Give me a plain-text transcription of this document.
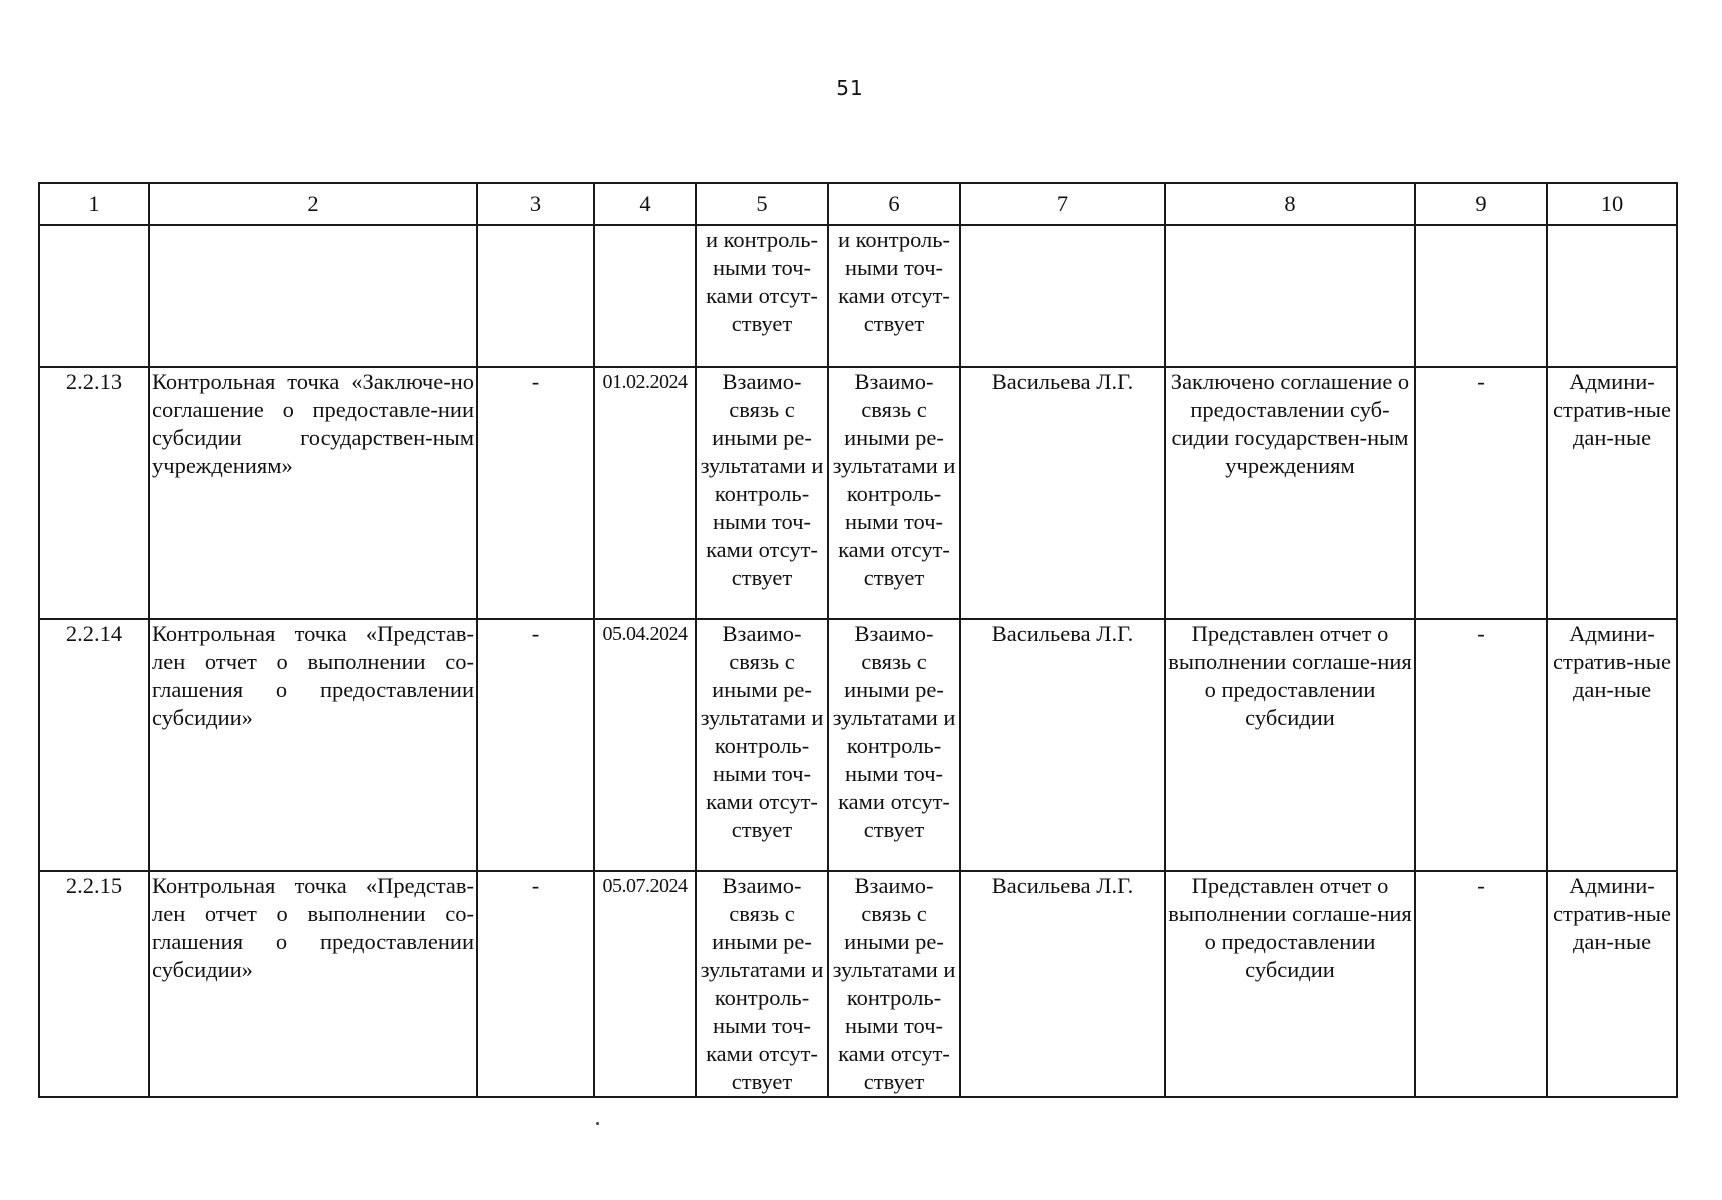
51
1	2	3	4	5	6	7	8	9	10
				и контроль-ными точ-ками отсут-ствует	и контроль-ными точ-ками отсут-ствует				
2.2.13	Контрольная точка «Заключе-но соглашение о предоставле-нии субсидии государствен-ным учреждениям»	-	01.02.2024	Взаимо-связь с иными ре-зультатами и контроль-ными точ-ками отсут-ствует	Взаимо-связь с иными ре-зультатами и контроль-ными точ-ками отсут-ствует	Васильева Л.Г.	Заключено соглашение о предоставлении суб-сидии государствен-ным учреждениям	-	Админи-стратив-ные дан-ные
2.2.14	Контрольная точка «Представ-лен отчет о выполнении со-глашения о предоставлении субсидии»	-	05.04.2024	Взаимо-связь с иными ре-зультатами и контроль-ными точ-ками отсут-ствует	Взаимо-связь с иными ре-зультатами и контроль-ными точ-ками отсут-ствует	Васильева Л.Г.	Представлен отчет о выполнении соглаше-ния о предоставлении субсидии	-	Админи-стратив-ные дан-ные
2.2.15	Контрольная точка «Представ-лен отчет о выполнении со-глашения о предоставлении субсидии»	-	05.07.2024	Взаимо-связь с иными ре-зультатами и контроль-ными точ-ками отсут-ствует	Взаимо-связь с иными ре-зультатами и контроль-ными точ-ками отсут-ствует	Васильева Л.Г.	Представлен отчет о выполнении соглаше-ния о предоставлении субсидии	-	Админи-стратив-ные дан-ные
